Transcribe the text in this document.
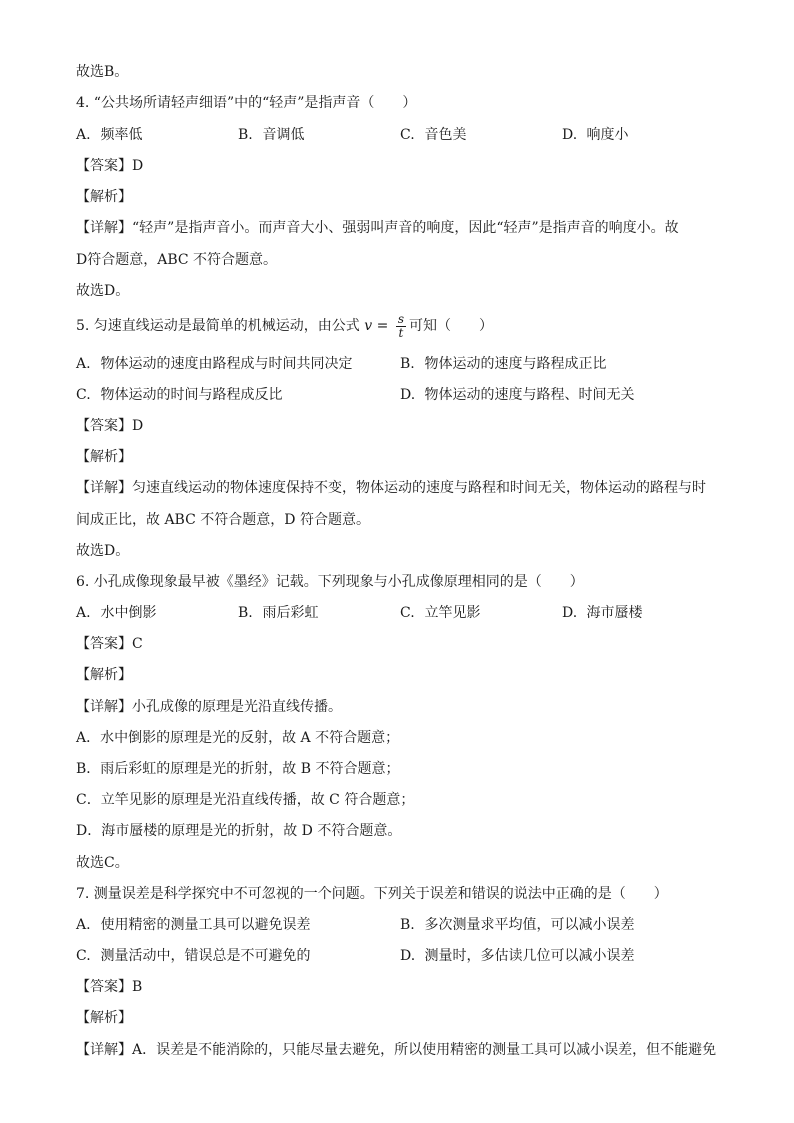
故选B。
4. “公共场所请轻声细语”中的“轻声”是指声音（　　）
A. 频率低	B. 音调低	C. 音色美	D. 响度小
【答案】D
【解析】
【详解】“轻声”是指声音小。而声音大小、强弱叫声音的响度，因此“轻声”是指声音的响度小。故
D符合题意，ABC 不符合题意。
故选D。
5. 匀速直线运动是最简单的机械运动，由公式 $v = \frac{s}{t}$ 可知（　　）
A. 物体运动的速度由路程成与时间共同决定	B. 物体运动的速度与路程成正比
C. 物体运动的时间与路程成反比	D. 物体运动的速度与路程、时间无关
【答案】D
【解析】
【详解】匀速直线运动的物体速度保持不变，物体运动的速度与路程和时间无关，物体运动的路程与时
间成正比，故 ABC 不符合题意，D 符合题意。
故选D。
6. 小孔成像现象最早被《墨经》记载。下列现象与小孔成像原理相同的是（　　）
A. 水中倒影	B. 雨后彩虹	C. 立竿见影	D. 海市蜃楼
【答案】C
【解析】
【详解】小孔成像的原理是光沿直线传播。
A．水中倒影的原理是光的反射，故 A 不符合题意；
B．雨后彩虹的原理是光的折射，故 B 不符合题意；
C．立竿见影的原理是光沿直线传播，故 C 符合题意；
D．海市蜃楼的原理是光的折射，故 D 不符合题意。
故选C。
7. 测量误差是科学探究中不可忽视的一个问题。下列关于误差和错误的说法中正确的是（　　）
A. 使用精密的测量工具可以避免误差	B. 多次测量求平均值，可以减小误差
C. 测量活动中，错误总是不可避免的	D. 测量时，多估读几位可以减小误差
【答案】B
【解析】
【详解】A．误差是不能消除的，只能尽量去避免，所以使用精密的测量工具可以减小误差，但不能避免
